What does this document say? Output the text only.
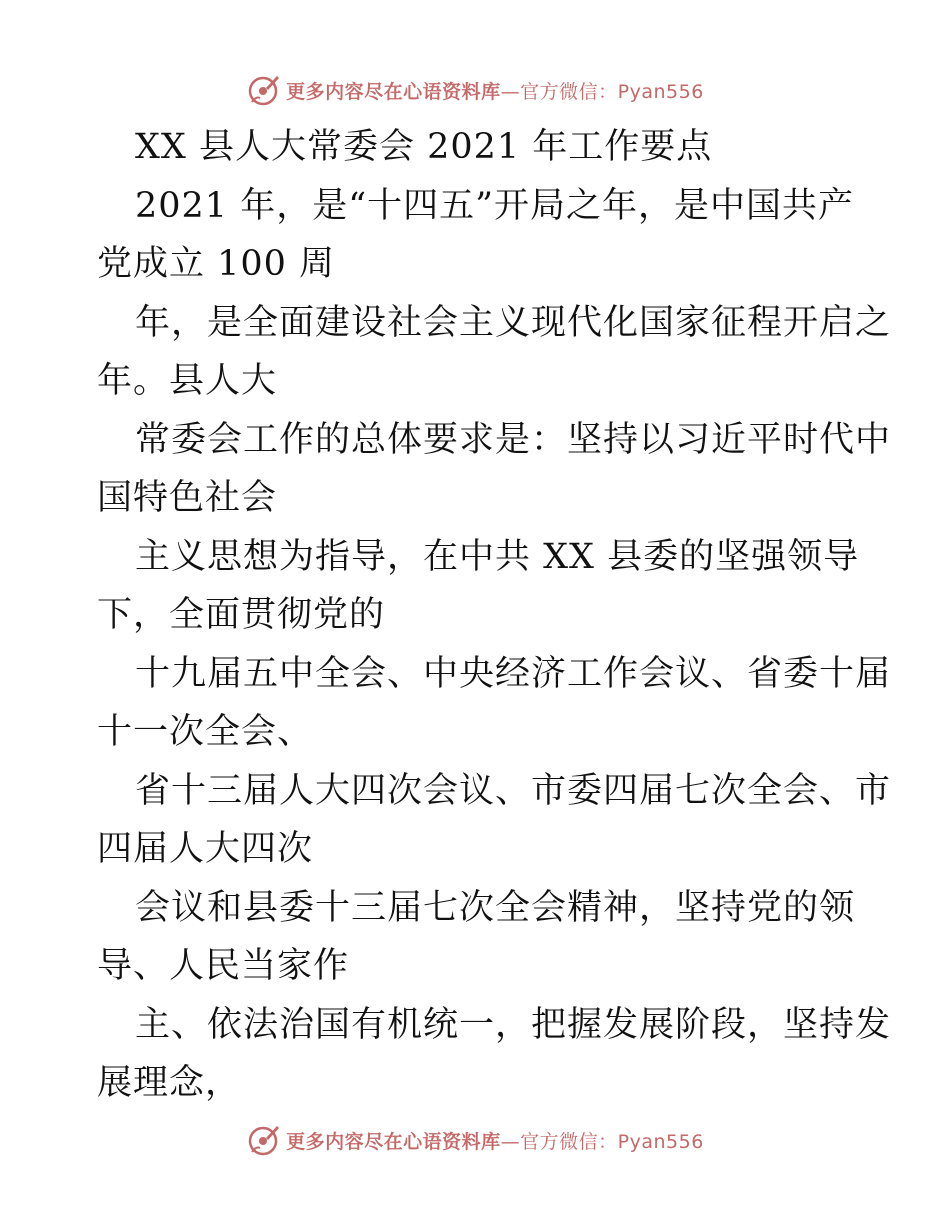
更多内容尽在心语资料库—官方微信：Pyan556
XX 县人大常委会 2021 年工作要点
2021 年，是“十四五”开局之年，是中国共产
党成立 100 周
年，是全面建设社会主义现代化国家征程开启之
年。县人大
常委会工作的总体要求是：坚持以习近平时代中
国特色社会
主义思想为指导，在中共 XX 县委的坚强领导
下，全面贯彻党的
十九届五中全会、中央经济工作会议、省委十届
十一次全会、
省十三届人大四次会议、市委四届七次全会、市
四届人大四次
会议和县委十三届七次全会精神，坚持党的领
导、人民当家作
主、依法治国有机统一，把握发展阶段，坚持发
展理念，
更多内容尽在心语资料库—官方微信：Pyan556
